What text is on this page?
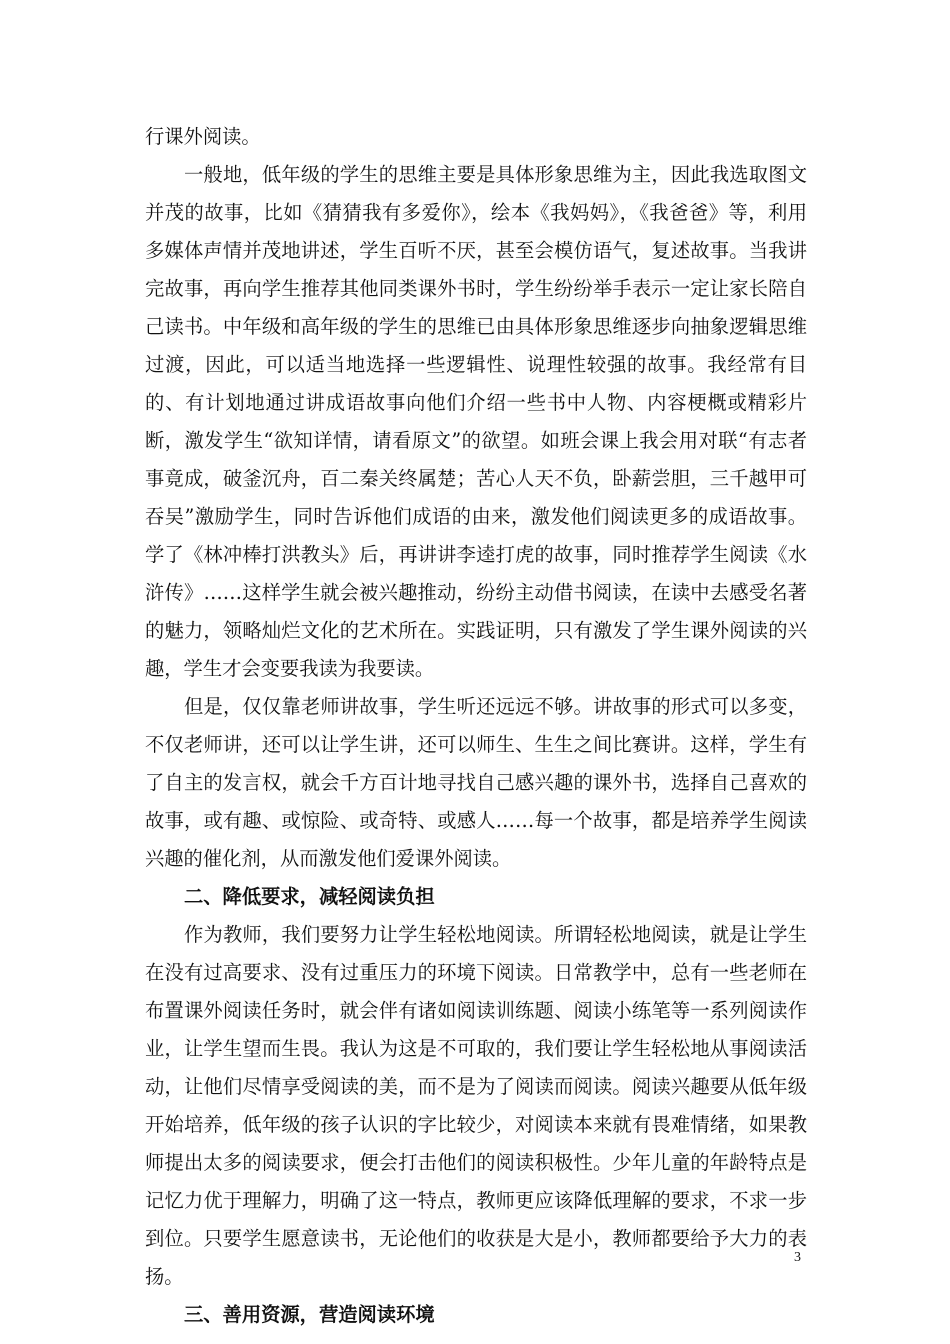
行课外阅读。

一般地，低年级的学生的思维主要是具体形象思维为主，因此我选取图文并茂的故事，比如《猜猜我有多爱你》，绘本《我妈妈》，《我爸爸》等，利用多媒体声情并茂地讲述，学生百听不厌，甚至会模仿语气，复述故事。当我讲完故事，再向学生推荐其他同类课外书时，学生纷纷举手表示一定让家长陪自己读书。中年级和高年级的学生的思维已由具体形象思维逐步向抽象逻辑思维过渡，因此，可以适当地选择一些逻辑性、说理性较强的故事。我经常有目的、有计划地通过讲成语故事向他们介绍一些书中人物、内容梗概或精彩片断，激发学生“欲知详情，请看原文”的欲望。如班会课上我会用对联“有志者事竟成，破釜沉舟，百二秦关终属楚；苦心人天不负，卧薪尝胆，三千越甲可吞吴”激励学生，同时告诉他们成语的由来，激发他们阅读更多的成语故事。学了《林冲棒打洪教头》后，再讲讲李逵打虎的故事，同时推荐学生阅读《水浒传》……这样学生就会被兴趣推动，纷纷主动借书阅读，在读中去感受名著的魅力，领略灿烂文化的艺术所在。实践证明，只有激发了学生课外阅读的兴趣，学生才会变要我读为我要读。

但是，仅仅靠老师讲故事，学生听还远远不够。讲故事的形式可以多变，不仅老师讲，还可以让学生讲，还可以师生、生生之间比赛讲。这样，学生有了自主的发言权，就会千方百计地寻找自己感兴趣的课外书，选择自己喜欢的故事，或有趣、或惊险、或奇特、或感人……每一个故事，都是培养学生阅读兴趣的催化剂，从而激发他们爱课外阅读。

二、降低要求，减轻阅读负担

作为教师，我们要努力让学生轻松地阅读。所谓轻松地阅读，就是让学生在没有过高要求、没有过重压力的环境下阅读。日常教学中，总有一些老师在布置课外阅读任务时，就会伴有诸如阅读训练题、阅读小练笔等一系列阅读作业，让学生望而生畏。我认为这是不可取的，我们要让学生轻松地从事阅读活动，让他们尽情享受阅读的美，而不是为了阅读而阅读。阅读兴趣要从低年级开始培养，低年级的孩子认识的字比较少，对阅读本来就有畏难情绪，如果教师提出太多的阅读要求，便会打击他们的阅读积极性。少年儿童的年龄特点是记忆力优于理解力，明确了这一特点，教师更应该降低理解的要求，不求一步到位。只要学生愿意读书，无论他们的收获是大是小，教师都要给予大力的表扬。

三、善用资源，营造阅读环境
3
